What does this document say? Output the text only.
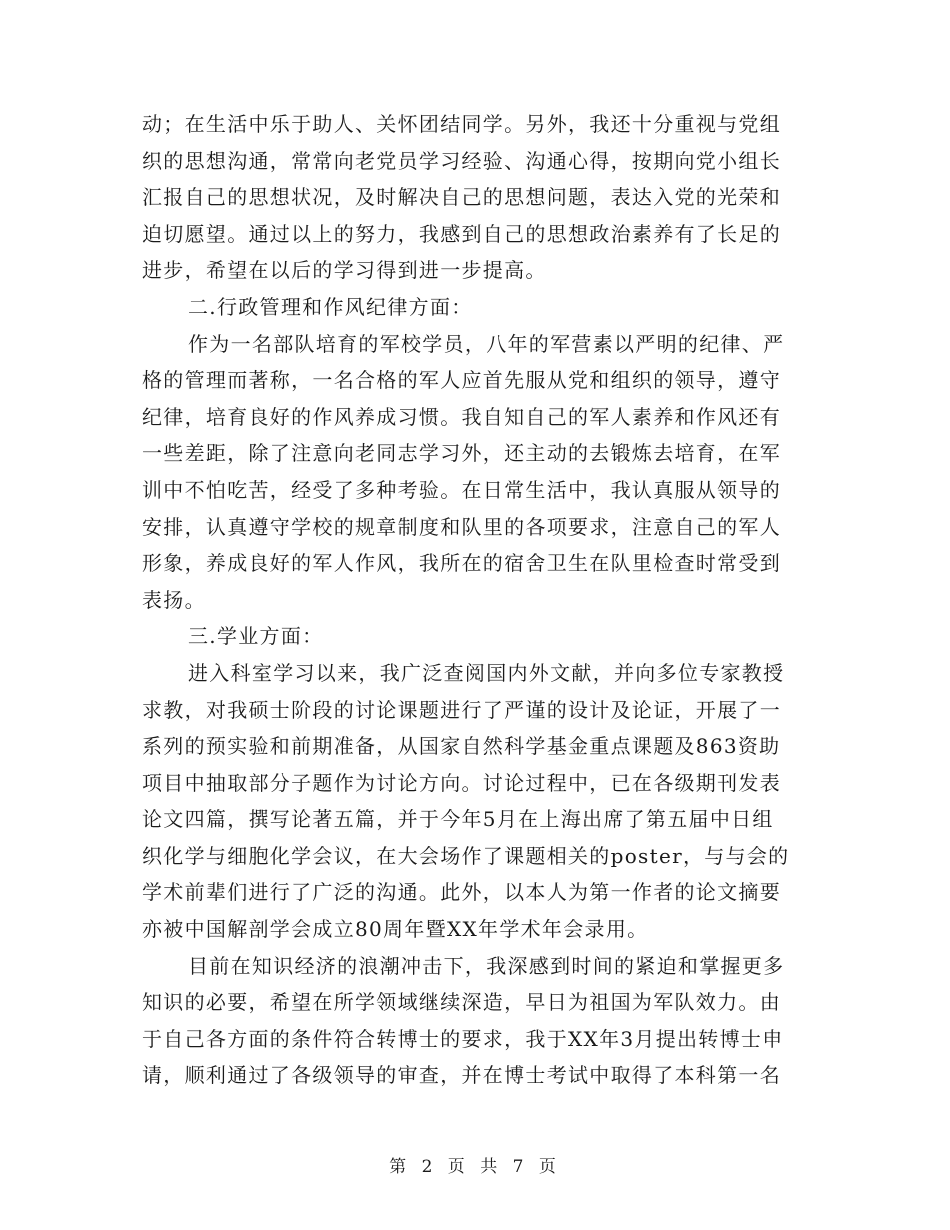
动；在生活中乐于助人、关怀团结同学。另外，我还十分重视与党组
织的思想沟通，常常向老党员学习经验、沟通心得，按期向党小组长
汇报自己的思想状况，及时解决自己的思想问题，表达入党的光荣和
迫切愿望。通过以上的努力，我感到自己的思想政治素养有了长足的
进步，希望在以后的学习得到进一步提高。
二.行政管理和作风纪律方面：
作为一名部队培育的军校学员，八年的军营素以严明的纪律、严
格的管理而著称，一名合格的军人应首先服从党和组织的领导，遵守
纪律，培育良好的作风养成习惯。我自知自己的军人素养和作风还有
一些差距，除了注意向老同志学习外，还主动的去锻炼去培育，在军
训中不怕吃苦，经受了多种考验。在日常生活中，我认真服从领导的
安排，认真遵守学校的规章制度和队里的各项要求，注意自己的军人
形象，养成良好的军人作风，我所在的宿舍卫生在队里检查时常受到
表扬。
三.学业方面：
进入科室学习以来，我广泛查阅国内外文献，并向多位专家教授
求教，对我硕士阶段的讨论课题进行了严谨的设计及论证，开展了一
系列的预实验和前期准备，从国家自然科学基金重点课题及863资助
项目中抽取部分子题作为讨论方向。讨论过程中，已在各级期刊发表
论文四篇，撰写论著五篇，并于今年5月在上海出席了第五届中日组
织化学与细胞化学会议，在大会场作了课题相关的poster，与与会的
学术前辈们进行了广泛的沟通。此外，以本人为第一作者的论文摘要
亦被中国解剖学会成立80周年暨XX年学术年会录用。
目前在知识经济的浪潮冲击下，我深感到时间的紧迫和掌握更多
知识的必要，希望在所学领域继续深造，早日为祖国为军队效力。由
于自己各方面的条件符合转博士的要求，我于XX年3月提出转博士申
请，顺利通过了各级领导的审查，并在博士考试中取得了本科第一名
第 2 页 共 7 页
